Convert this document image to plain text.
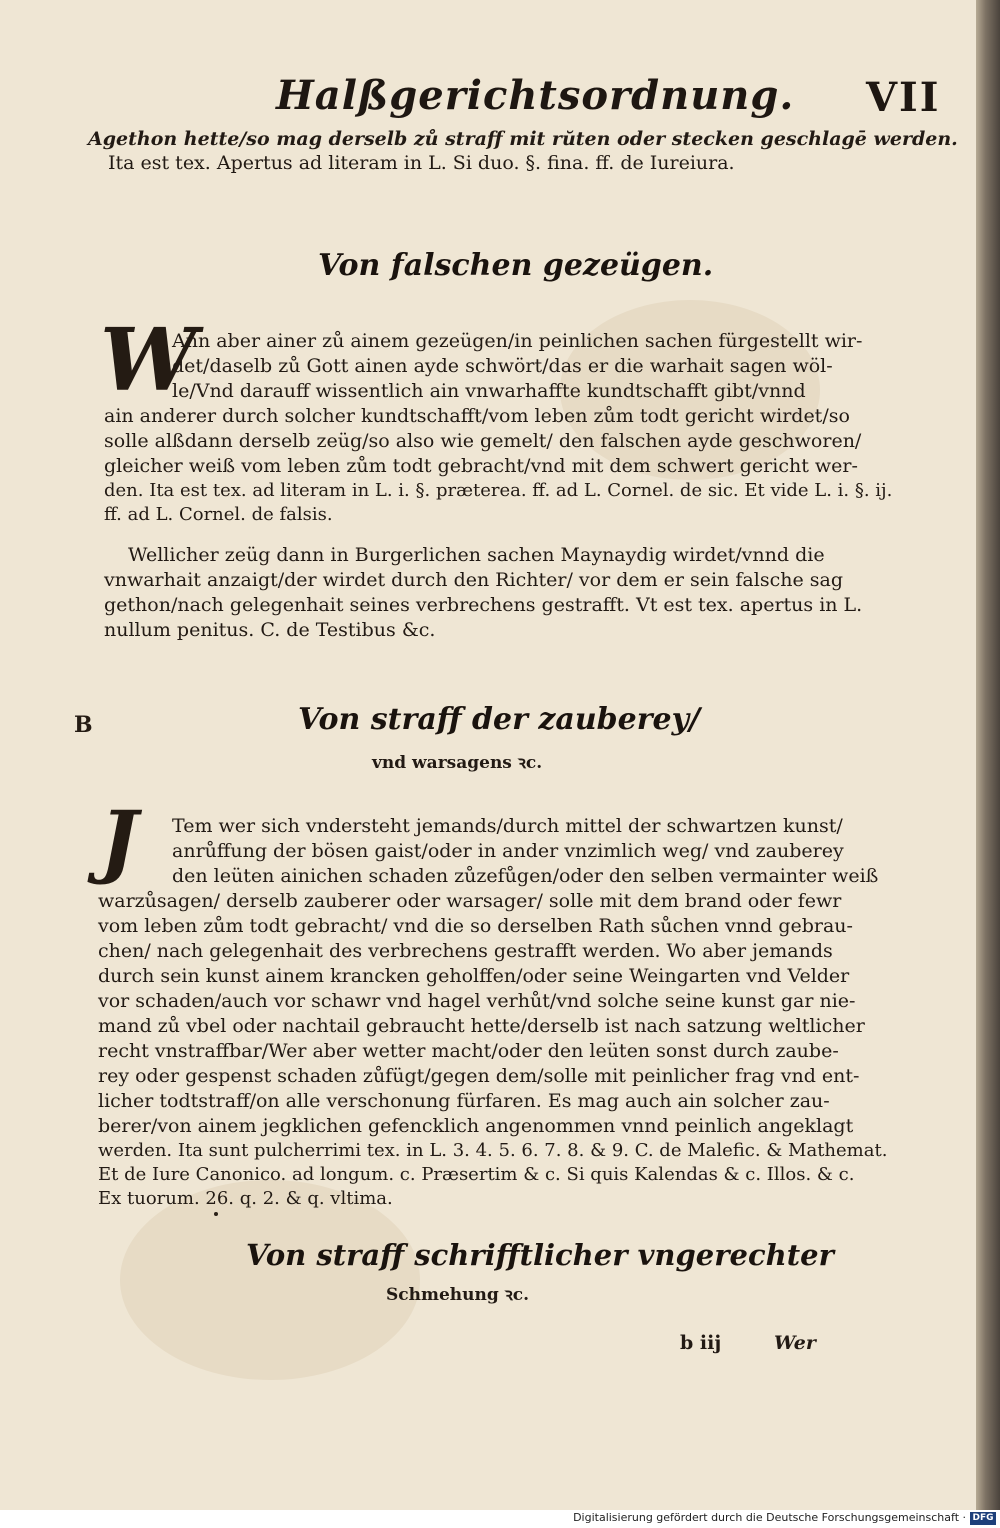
Halßgerichtsordnung. VII
Agethon hette/so mag derselb zů straff mit rŭten oder stecken geschlagē werden.
Ita est tex. Apertus ad literam in L. Si duo. §. fina. ff. de Iureiura.
Von falschen gezeügen.
W
Ann aber ainer zů ainem gezeügen/in peinlichen sachen fürgestellt wir-
det/daselb zů Gott ainen ayde schwört/das er die warhait sagen wöl-
le/Vnd darauff wissentlich ain vnwarhaffte kundtschafft gibt/vnnd
ain anderer durch solcher kundtschafft/vom leben zům todt gericht wirdet/so
solle alßdann derselb zeüg/so also wie gemelt/ den falschen ayde geschworen/
gleicher weiß vom leben zům todt gebracht/vnd mit dem schwert gericht wer-
den. Ita est tex. ad literam in L. i. §. præterea. ff. ad L. Cornel. de sic. Et vide L. i. §. ij.
ff. ad L. Cornel. de falsis.
Wellicher zeüg dann in Burgerlichen sachen Maynaydig wirdet/vnnd die
vnwarhait anzaigt/der wirdet durch den Richter/ vor dem er sein falsche sag
gethon/nach gelegenhait seines verbrechens gestrafft. Vt est tex. apertus in L.
nullum penitus. C. de Testibus &c.
B	Von straff der zauberey/
vnd warsagens ꝛc.
J Tem wer sich vndersteht jemands/durch mittel der schwartzen kunst/
anrůffung der bösen gaist/oder in ander vnzimlich weg/ vnd zauberey
den leüten ainichen schaden zůzefůgen/oder den selben vermainter weiß
warzůsagen/ derselb zauberer oder warsager/ solle mit dem brand oder fewr
vom leben zům todt gebracht/ vnd die so derselben Rath sůchen vnnd gebrau-
chen/ nach gelegenhait des verbrechens gestrafft werden. Wo aber jemands
durch sein kunst ainem krancken geholffen/oder seine Weingarten vnd Velder
vor schaden/auch vor schawr vnd hagel verhůt/vnd solche seine kunst gar nie-
mand zů vbel oder nachtail gebraucht hette/derselb ist nach satzung weltlicher
recht vnstraffbar/Wer aber wetter macht/oder den leüten sonst durch zaube-
rey oder gespenst schaden zůfügt/gegen dem/solle mit peinlicher frag vnd ent-
licher todtstraff/on alle verschonung fürfaren. Es mag auch ain solcher zau-
berer/von ainem jegklichen gefencklich angenommen vnnd peinlich angeklagt
werden. Ita sunt pulcherrimi tex. in L. 3. 4. 5. 6. 7. 8. & 9. C. de Malefic. & Mathemat.
Et de Iure Canonico. ad longum. c. Præsertim & c. Si quis Kalendas & c. Illos. & c.
Ex tuorum. 26. q. 2. & q. vltima.
Von straff schrifftlicher vngerechter
Schmehung ꝛc.
b iij	Wer
Digitalisierung gefördert durch die Deutsche Forschungsgemeinschaft · DFG
